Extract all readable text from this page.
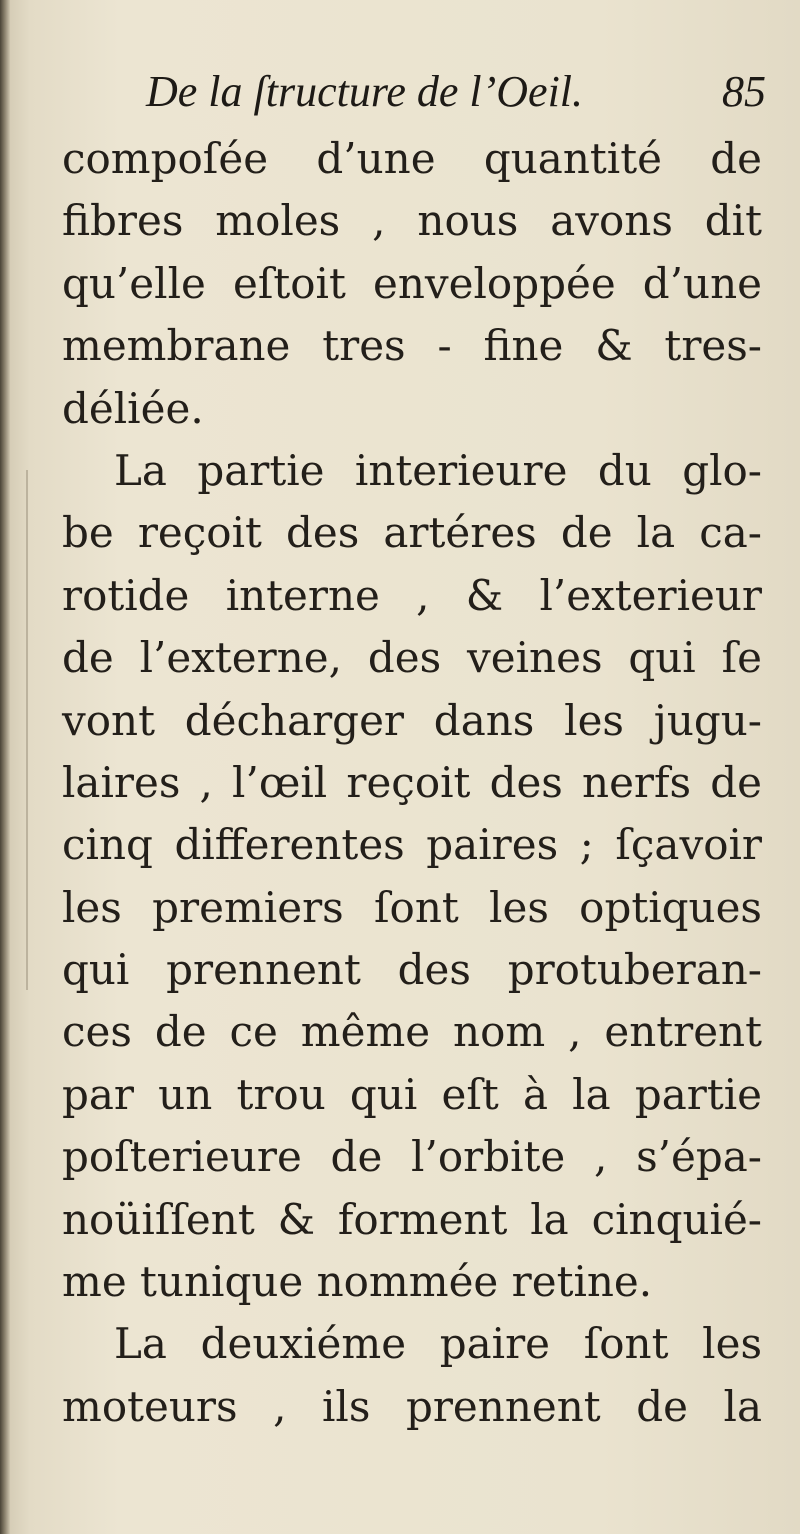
De la ſtructure de l’Oeil.	85
compoſée d’une quantité de
fibres moles , nous avons dit
qu’elle eſtoit enveloppée d’une
membrane tres - fine & tres-
déliée.
La partie interieure du glo-
be reçoit des artéres de la ca-
rotide interne , & l’exterieur
de l’externe, des veines qui ſe
vont décharger dans les jugu-
laires , l’œil reçoit des nerfs de
cinq differentes paires ; ſçavoir
les premiers ſont les optiques
qui prennent des protuberan-
ces de ce même nom , entrent
par un trou qui eſt à la partie
poſterieure de l’orbite , s’épa-
noüiſſent & forment la cinquié-
me tunique nommée retine.
La deuxiéme paire ſont les
moteurs , ils prennent de la
